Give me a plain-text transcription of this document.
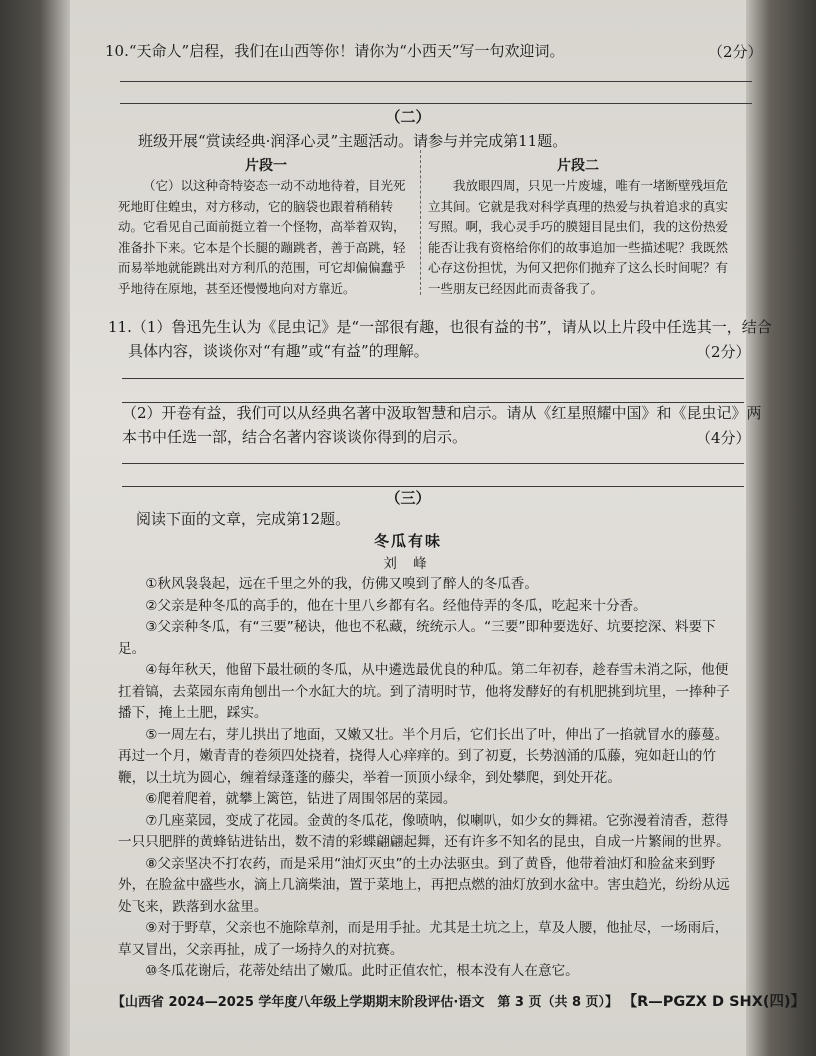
10.“天命人”启程，我们在山西等你！请你为“小西天”写一句欢迎词。	（2分）
（二）
班级开展“赏读经典·润泽心灵”主题活动。请参与并完成第11题。
片段一	片段二

（它）以这种奇特姿态一动不动地待着，目光死死地盯住蝗虫，对方移动，它的脑袋也跟着稍稍转动。它看见自己面前挺立着一个怪物，高举着双钩，准备扑下来。它本是个长腿的蹦跳者，善于高跳，轻而易举地就能跳出对方利爪的范围，可它却偏偏蠢乎乎地待在原地，甚至还慢慢地向对方靠近。

我放眼四周，只见一片废墟，唯有一堵断壁残垣危立其间。它就是我对科学真理的热爱与执着追求的真实写照。啊，我心灵手巧的膜翅目昆虫们，我的这份热爱能否让我有资格给你们的故事追加一些描述呢？我既然心存这份担忧，为何又把你们抛弃了这么长时间呢？有一些朋友已经因此而责备我了。

11.（1）鲁迅先生认为《昆虫记》是“一部很有趣，也很有益的书”，请从以上片段中任选其一，结合
具体内容，谈谈你对“有趣”或“有益”的理解。	（2分）
（2）开卷有益，我们可以从经典名著中汲取智慧和启示。请从《红星照耀中国》和《昆虫记》两
本书中任选一部，结合名著内容谈谈你得到的启示。	（4分）
（三）
阅读下面的文章，完成第12题。
冬瓜有味
刘 峰

①秋风袅袅起，远在千里之外的我，仿佛又嗅到了醉人的冬瓜香。

②父亲是种冬瓜的高手的，他在十里八乡都有名。经他侍弄的冬瓜，吃起来十分香。

③父亲种冬瓜，有“三要”秘诀，他也不私藏，统统示人。“三要”即种要选好、坑要挖深、料要下足。

④每年秋天，他留下最壮硕的冬瓜，从中遴选最优良的种瓜。第二年初春，趁春雪未消之际，他便扛着镐，去菜园东南角刨出一个水缸大的坑。到了清明时节，他将发酵好的有机肥挑到坑里，一捧种子播下，掩上土肥，踩实。

⑤一周左右，芽儿拱出了地面，又嫩又壮。半个月后，它们长出了叶，伸出了一掐就冒水的藤蔓。再过一个月，嫩青青的卷须四处挠着，挠得人心痒痒的。到了初夏，长势汹涌的瓜藤，宛如赶山的竹鞭，以土坑为圆心，缠着绿蓬蓬的藤尖，举着一顶顶小绿伞，到处攀爬，到处开花。

⑥爬着爬着，就攀上篱笆，钻进了周围邻居的菜园。

⑦几座菜园，变成了花园。金黄的冬瓜花，像喷呐，似喇叭，如少女的舞裙。它弥漫着清香，惹得一只只肥胖的黄蜂钻进钻出，数不清的彩蝶翩翩起舞，还有许多不知名的昆虫，自成一片繁闹的世界。

⑧父亲坚决不打农药，而是采用“油灯灭虫”的土办法驱虫。到了黄昏，他带着油灯和脸盆来到野外，在脸盆中盛些水，滴上几滴柴油，置于菜地上，再把点燃的油灯放到水盆中。害虫趋光，纷纷从远处飞来，跌落到水盆里。

⑨对于野草，父亲也不施除草剂，而是用手扯。尤其是土坑之上，草及人腰，他扯尽，一场雨后，草又冒出，父亲再扯，成了一场持久的对抗赛。

⑩冬瓜花谢后，花蒂处结出了嫩瓜。此时正值农忙，根本没有人在意它。

【山西省 2024—2025 学年度八年级上学期期末阶段评估·语文　第 3 页（共 8 页）】 【R—PGZX D SHX(四)】
